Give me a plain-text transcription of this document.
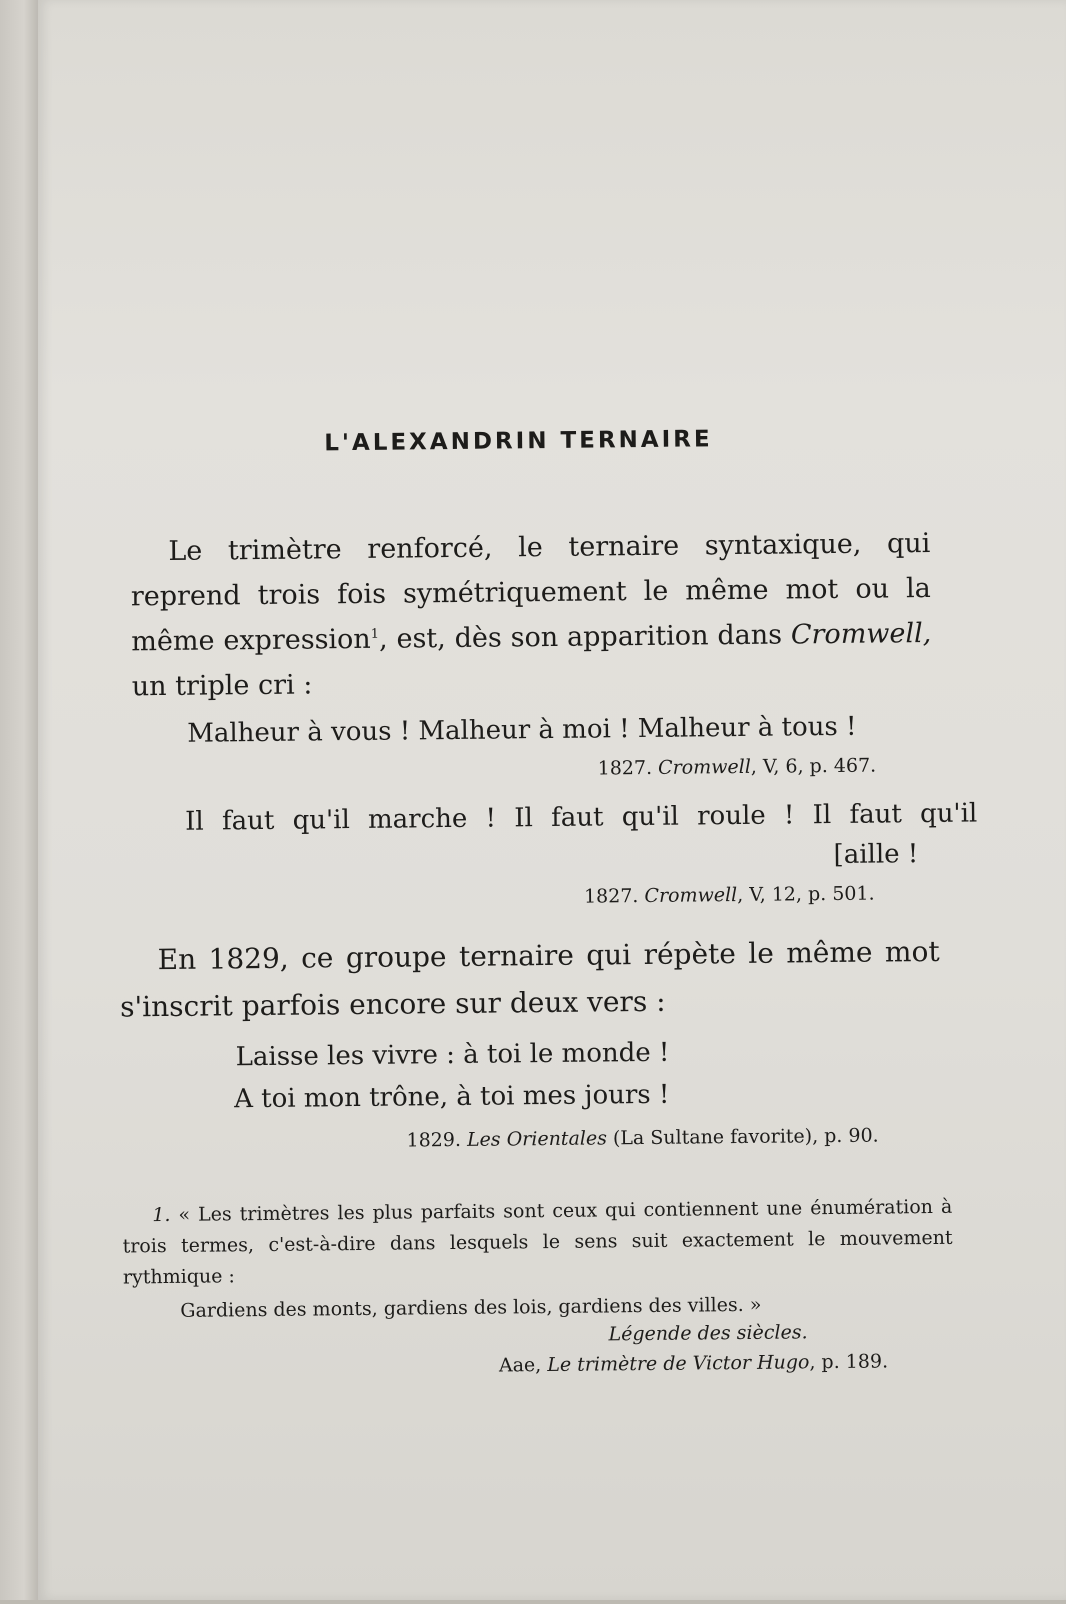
L'ALEXANDRIN TERNAIRE

Le trimètre renforcé, le ternaire syntaxique, qui reprend trois fois symétriquement le même mot ou la même expression$^1$, est, dès son apparition dans Cromwell, un triple cri :

Malheur à vous ! Malheur à moi ! Malheur à tous !
1827. Cromwell, V, 6, p. 467.
Il faut qu'il marche ! Il faut qu'il roule ! Il faut qu'il
[aille !
1827. Cromwell, V, 12, p. 501.

En 1829, ce groupe ternaire qui répète le même mot s'inscrit parfois encore sur deux vers :

Laisse les vivre : à toi le monde !
A toi mon trône, à toi mes jours !
1829. Les Orientales (La Sultane favorite), p. 90.

1. « Les trimètres les plus parfaits sont ceux qui contiennent une énumération à trois termes, c'est-à-dire dans lesquels le sens suit exactement le mouvement rythmique :

Gardiens des monts, gardiens des lois, gardiens des villes. »
Légende des siècles.
Aae, Le trimètre de Victor Hugo, p. 189.
